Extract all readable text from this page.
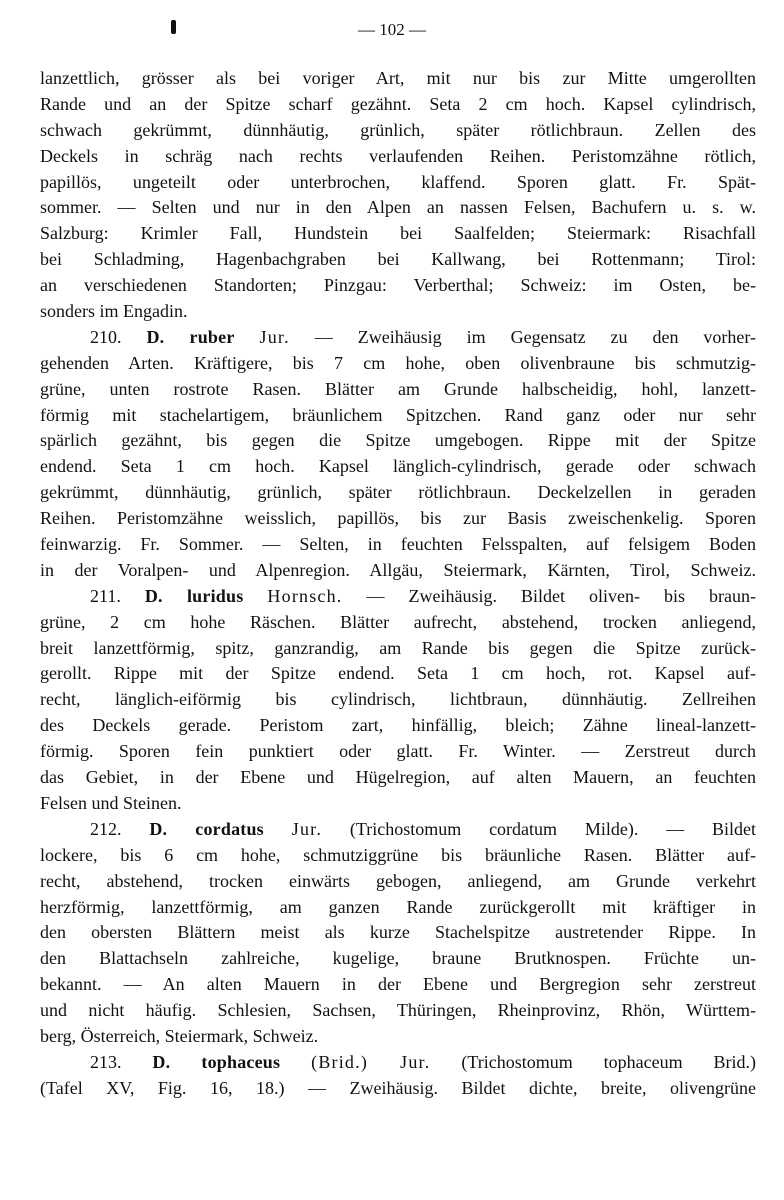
— 102 —
lanzettlich, grösser als bei voriger Art, mit nur bis zur Mitte umgerollten
Rande und an der Spitze scharf gezähnt. Seta 2 cm hoch. Kapsel cylindrisch,
schwach gekrümmt, dünnhäutig, grünlich, später rötlichbraun. Zellen des
Deckels in schräg nach rechts verlaufenden Reihen. Peristomzähne rötlich,
papillös, ungeteilt oder unterbrochen, klaffend. Sporen glatt. Fr. Spät-
sommer. — Selten und nur in den Alpen an nassen Felsen, Bachufern u. s. w.
Salzburg: Krimler Fall, Hundstein bei Saalfelden; Steiermark: Risachfall
bei Schladming, Hagenbachgraben bei Kallwang, bei Rottenmann; Tirol:
an verschiedenen Standorten; Pinzgau: Verberthal; Schweiz: im Osten, be-
sonders im Engadin.
210. D. ruber Jur. — Zweihäusig im Gegensatz zu den vorher-
gehenden Arten. Kräftigere, bis 7 cm hohe, oben olivenbraune bis schmutzig-
grüne, unten rostrote Rasen. Blätter am Grunde halbscheidig, hohl, lanzett-
förmig mit stachelartigem, bräunlichem Spitzchen. Rand ganz oder nur sehr
spärlich gezähnt, bis gegen die Spitze umgebogen. Rippe mit der Spitze
endend. Seta 1 cm hoch. Kapsel länglich-cylindrisch, gerade oder schwach
gekrümmt, dünnhäutig, grünlich, später rötlichbraun. Deckelzellen in geraden
Reihen. Peristomzähne weisslich, papillös, bis zur Basis zweischenkelig. Sporen
feinwarzig. Fr. Sommer. — Selten, in feuchten Felsspalten, auf felsigem Boden
in der Voralpen- und Alpenregion. Allgäu, Steiermark, Kärnten, Tirol, Schweiz.
211. D. luridus Hornsch. — Zweihäusig. Bildet oliven- bis braun-
grüne, 2 cm hohe Räschen. Blätter aufrecht, abstehend, trocken anliegend,
breit lanzettförmig, spitz, ganzrandig, am Rande bis gegen die Spitze zurück-
gerollt. Rippe mit der Spitze endend. Seta 1 cm hoch, rot. Kapsel auf-
recht, länglich-eiförmig bis cylindrisch, lichtbraun, dünnhäutig. Zellreihen
des Deckels gerade. Peristom zart, hinfällig, bleich; Zähne lineal-lanzett-
förmig. Sporen fein punktiert oder glatt. Fr. Winter. — Zerstreut durch
das Gebiet, in der Ebene und Hügelregion, auf alten Mauern, an feuchten
Felsen und Steinen.
212. D. cordatus Jur. (Trichostomum cordatum Milde). — Bildet
lockere, bis 6 cm hohe, schmutziggrüne bis bräunliche Rasen. Blätter auf-
recht, abstehend, trocken einwärts gebogen, anliegend, am Grunde verkehrt
herzförmig, lanzettförmig, am ganzen Rande zurückgerollt mit kräftiger in
den obersten Blättern meist als kurze Stachelspitze austretender Rippe. In
den Blattachseln zahlreiche, kugelige, braune Brutknospen. Früchte un-
bekannt. — An alten Mauern in der Ebene und Bergregion sehr zerstreut
und nicht häufig. Schlesien, Sachsen, Thüringen, Rheinprovinz, Rhön, Württem-
berg, Österreich, Steiermark, Schweiz.
213. D. tophaceus (Brid.) Jur. (Trichostomum tophaceum Brid.)
(Tafel XV, Fig. 16, 18.) — Zweihäusig. Bildet dichte, breite, olivengrüne
